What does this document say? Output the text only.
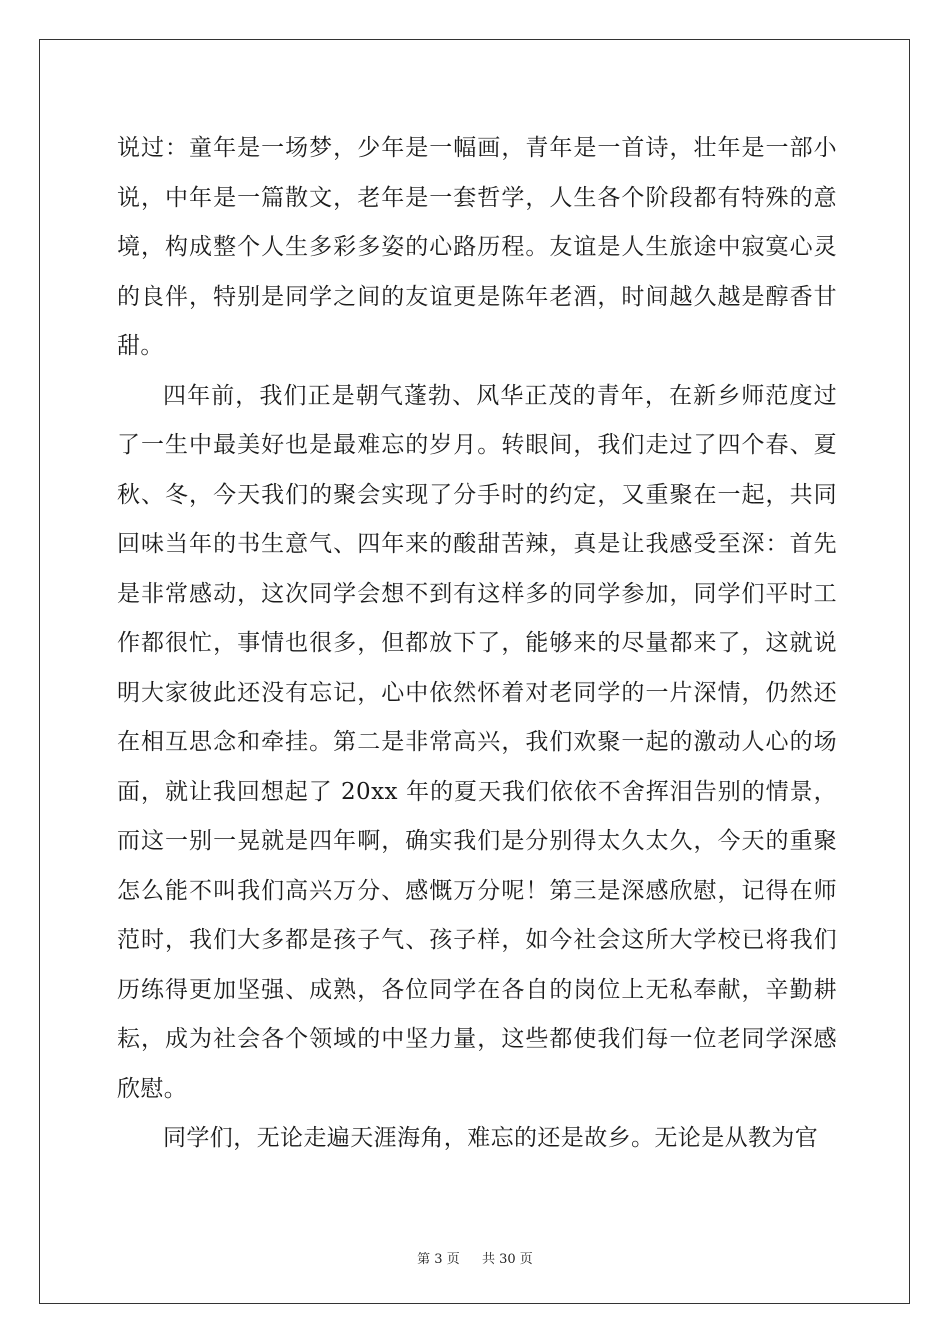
说过：童年是一场梦，少年是一幅画，青年是一首诗，壮年是一部小说，中年是一篇散文，老年是一套哲学，人生各个阶段都有特殊的意境，构成整个人生多彩多姿的心路历程。友谊是人生旅途中寂寞心灵的良伴，特别是同学之间的友谊更是陈年老酒，时间越久越是醇香甘甜。

四年前，我们正是朝气蓬勃、风华正茂的青年，在新乡师范度过了一生中最美好也是最难忘的岁月。转眼间，我们走过了四个春、夏秋、冬，今天我们的聚会实现了分手时的约定，又重聚在一起，共同回味当年的书生意气、四年来的酸甜苦辣，真是让我感受至深：首先是非常感动，这次同学会想不到有这样多的同学参加，同学们平时工作都很忙，事情也很多，但都放下了，能够来的尽量都来了，这就说明大家彼此还没有忘记，心中依然怀着对老同学的一片深情，仍然还在相互思念和牵挂。第二是非常高兴，我们欢聚一起的激动人心的场面，就让我回想起了 20xx 年的夏天我们依依不舍挥泪告别的情景，而这一别一晃就是四年啊，确实我们是分别得太久太久，今天的重聚怎么能不叫我们高兴万分、感慨万分呢！第三是深感欣慰，记得在师范时，我们大多都是孩子气、孩子样，如今社会这所大学校已将我们历练得更加坚强、成熟，各位同学在各自的岗位上无私奉献，辛勤耕耘，成为社会各个领域的中坚力量，这些都使我们每一位老同学深感欣慰。

同学们，无论走遍天涯海角，难忘的还是故乡。无论是从教为官

第 3 页 共 30 页
